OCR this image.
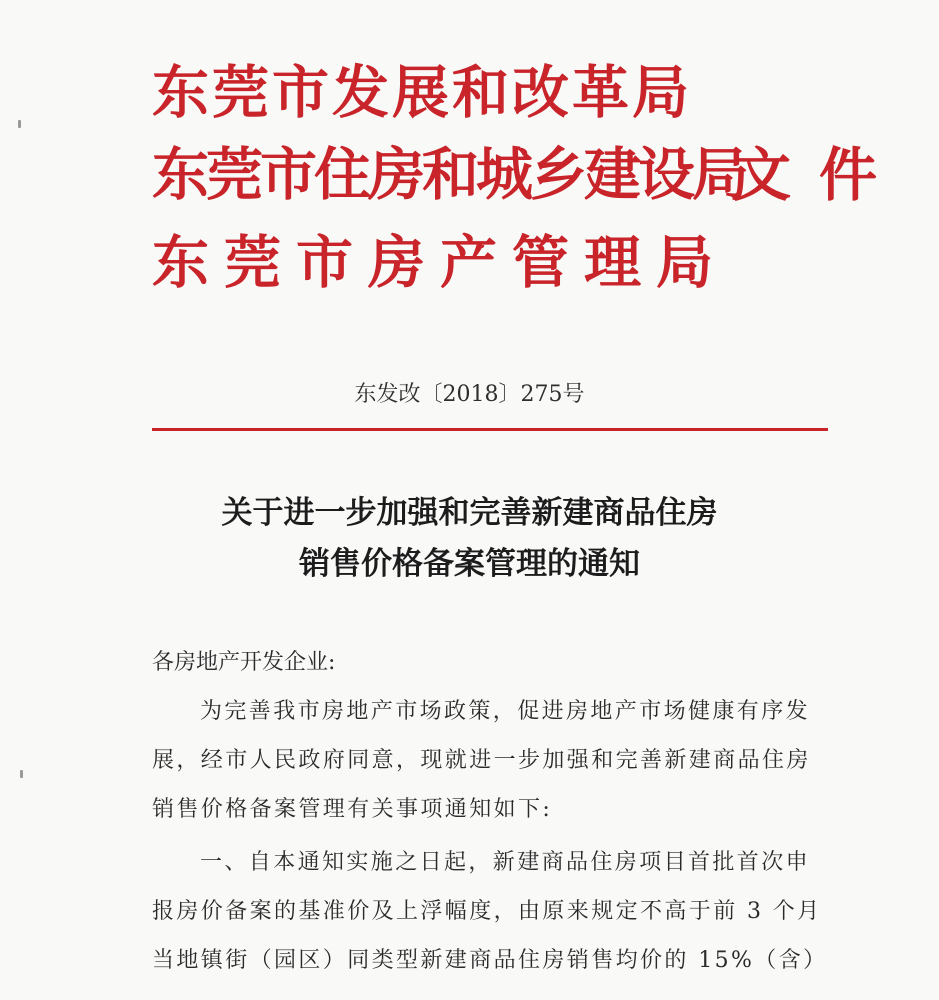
东莞市发展和改革局
东莞市住房和城乡建设局
东莞市房产管理局
文件
东发改〔2018〕275号
关于进一步加强和完善新建商品住房
销售价格备案管理的通知
各房地产开发企业:
为完善我市房地产市场政策，促进房地产市场健康有序发
展，经市人民政府同意，现就进一步加强和完善新建商品住房
销售价格备案管理有关事项通知如下:
一、自本通知实施之日起，新建商品住房项目首批首次申
报房价备案的基准价及上浮幅度，由原来规定不高于前 3 个月
当地镇街（园区）同类型新建商品住房销售均价的 15%（含）
